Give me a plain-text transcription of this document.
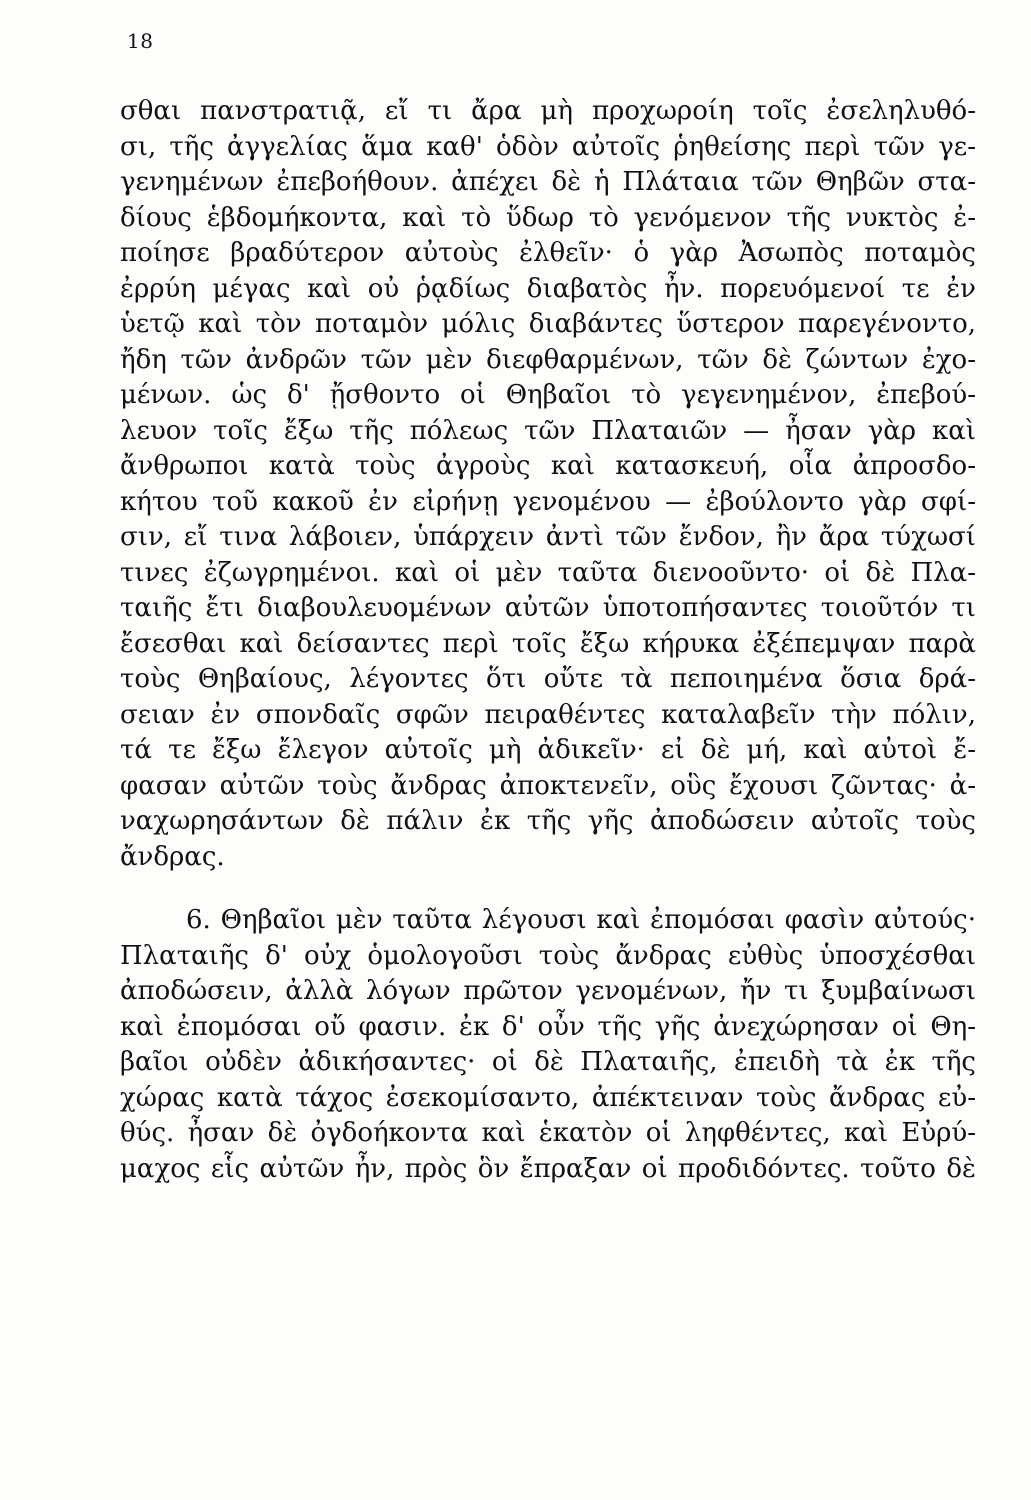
18
σθαι πανστρατιᾷ, εἴ τι ἄρα μὴ προχωροίη τοῖς ἐσεληλυθό-
σι, τῆς ἀγγελίας ἅμα καθ' ὁδὸν αὐτοῖς ῥηθείσης περὶ τῶν γε-
γενημένων ἐπεβοήθουν. ἀπέχει δὲ ἡ Πλάταια τῶν Θηβῶν στα-
δίους ἑβδομήκοντα, καὶ τὸ ὕδωρ τὸ γενόμενον τῆς νυκτὸς ἐ-
ποίησε βραδύτερον αὐτοὺς ἐλθεῖν· ὁ γὰρ Ἀσωπὸς ποταμὸς
ἐρρύη μέγας καὶ οὐ ῥᾳδίως διαβατὸς ἦν. πορευόμενοί τε ἐν
ὑετῷ καὶ τὸν ποταμὸν μόλις διαβάντες ὕστερον παρεγένοντο,
ἤδη τῶν ἀνδρῶν τῶν μὲν διεφθαρμένων, τῶν δὲ ζώντων ἐχο-
μένων. ὡς δ' ᾔσθοντο οἱ Θηβαῖοι τὸ γεγενημένον, ἐπεβού-
λευον τοῖς ἔξω τῆς πόλεως τῶν Πλαταιῶν — ἦσαν γὰρ καὶ
ἄνθρωποι κατὰ τοὺς ἀγροὺς καὶ κατασκευή, οἷα ἀπροσδο-
κήτου τοῦ κακοῦ ἐν εἰρήνῃ γενομένου — ἐβούλοντο γὰρ σφί-
σιν, εἴ τινα λάβοιεν, ὑπάρχειν ἀντὶ τῶν ἔνδον, ἢν ἄρα τύχωσί
τινες ἐζωγρημένοι. καὶ οἱ μὲν ταῦτα διενοοῦντο· οἱ δὲ Πλα-
ταιῆς ἔτι διαβουλευομένων αὐτῶν ὑποτοπήσαντες τοιοῦτόν τι
ἔσεσθαι καὶ δείσαντες περὶ τοῖς ἔξω κήρυκα ἐξέπεμψαν παρὰ
τοὺς Θηβαίους, λέγοντες ὅτι οὔτε τὰ πεποιημένα ὅσια δρά-
σειαν ἐν σπονδαῖς σφῶν πειραθέντες καταλαβεῖν τὴν πόλιν,
τά τε ἔξω ἔλεγον αὐτοῖς μὴ ἀδικεῖν· εἰ δὲ μή, καὶ αὐτοὶ ἔ-
φασαν αὐτῶν τοὺς ἄνδρας ἀποκτενεῖν, οὓς ἔχουσι ζῶντας· ἀ-
ναχωρησάντων δὲ πάλιν ἐκ τῆς γῆς ἀποδώσειν αὐτοῖς τοὺς
ἄνδρας.
6. Θηβαῖοι μὲν ταῦτα λέγουσι καὶ ἐπομόσαι φασὶν αὐτούς·
Πλαταιῆς δ' οὐχ ὁμολογοῦσι τοὺς ἄνδρας εὐθὺς ὑποσχέσθαι
ἀποδώσειν, ἀλλὰ λόγων πρῶτον γενομένων, ἤν τι ξυμβαίνωσι
καὶ ἐπομόσαι οὔ φασιν. ἐκ δ' οὖν τῆς γῆς ἀνεχώρησαν οἱ Θη-
βαῖοι οὐδὲν ἀδικήσαντες· οἱ δὲ Πλαταιῆς, ἐπειδὴ τὰ ἐκ τῆς
χώρας κατὰ τάχος ἐσεκομίσαντο, ἀπέκτειναν τοὺς ἄνδρας εὐ-
θύς. ἦσαν δὲ ὀγδοήκοντα καὶ ἑκατὸν οἱ ληφθέντες, καὶ Εὐρύ-
μαχος εἷς αὐτῶν ἦν, πρὸς ὃν ἔπραξαν οἱ προδιδόντες. τοῦτο δὲ
